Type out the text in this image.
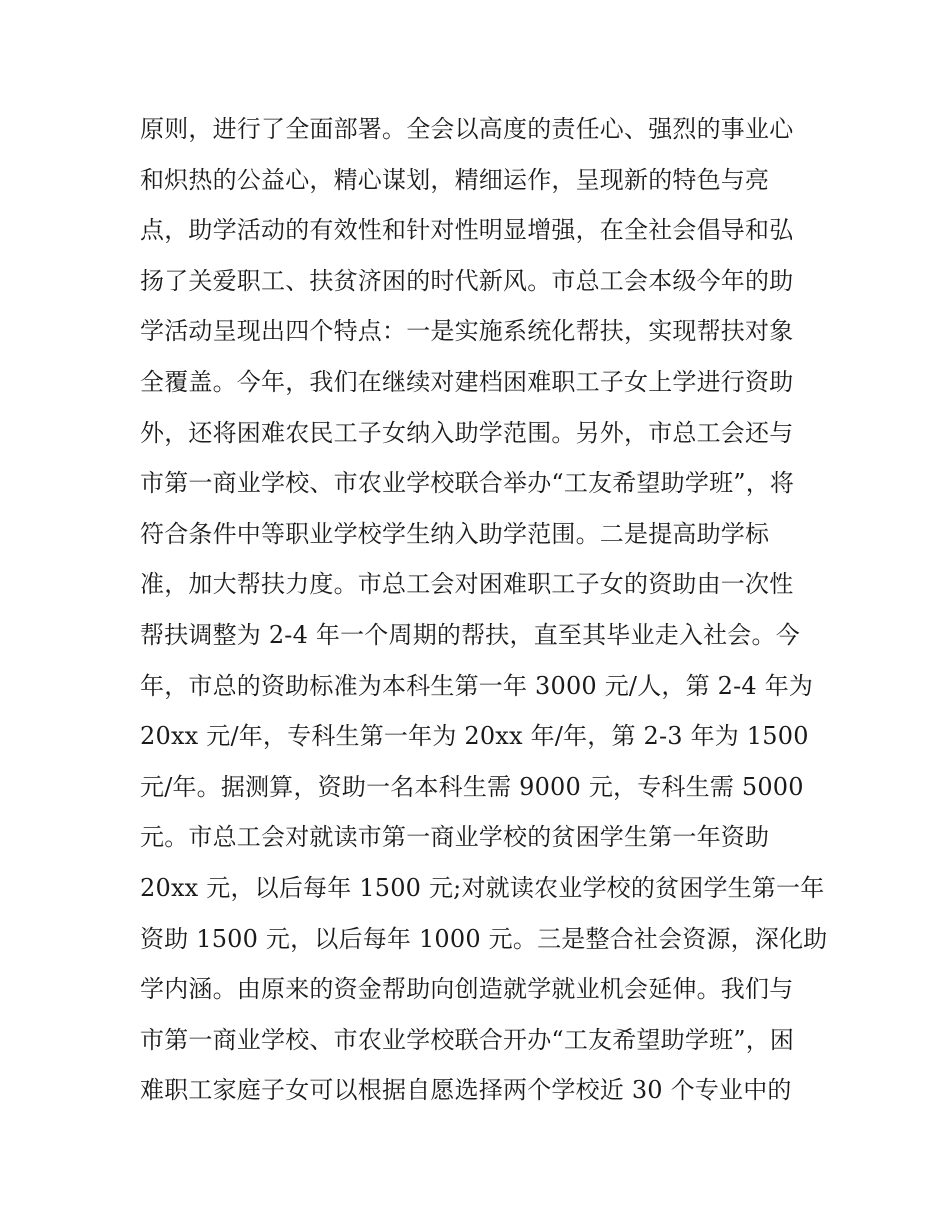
原则，进行了全面部署。全会以高度的责任心、强烈的事业心
和炽热的公益心，精心谋划，精细运作，呈现新的特色与亮
点，助学活动的有效性和针对性明显增强，在全社会倡导和弘
扬了关爱职工、扶贫济困的时代新风。市总工会本级今年的助
学活动呈现出四个特点：一是实施系统化帮扶，实现帮扶对象
全覆盖。今年，我们在继续对建档困难职工子女上学进行资助
外，还将困难农民工子女纳入助学范围。另外，市总工会还与
市第一商业学校、市农业学校联合举办“工友希望助学班”，将
符合条件中等职业学校学生纳入助学范围。二是提高助学标
准，加大帮扶力度。市总工会对困难职工子女的资助由一次性
帮扶调整为 2-4 年一个周期的帮扶，直至其毕业走入社会。今
年，市总的资助标准为本科生第一年 3000 元/人，第 2-4 年为
20xx 元/年，专科生第一年为 20xx 年/年，第 2-3 年为 1500
元/年。据测算，资助一名本科生需 9000 元，专科生需 5000
元。市总工会对就读市第一商业学校的贫困学生第一年资助
20xx 元，以后每年 1500 元;对就读农业学校的贫困学生第一年
资助 1500 元，以后每年 1000 元。三是整合社会资源，深化助
学内涵。由原来的资金帮助向创造就学就业机会延伸。我们与
市第一商业学校、市农业学校联合开办“工友希望助学班”，困
难职工家庭子女可以根据自愿选择两个学校近 30 个专业中的
